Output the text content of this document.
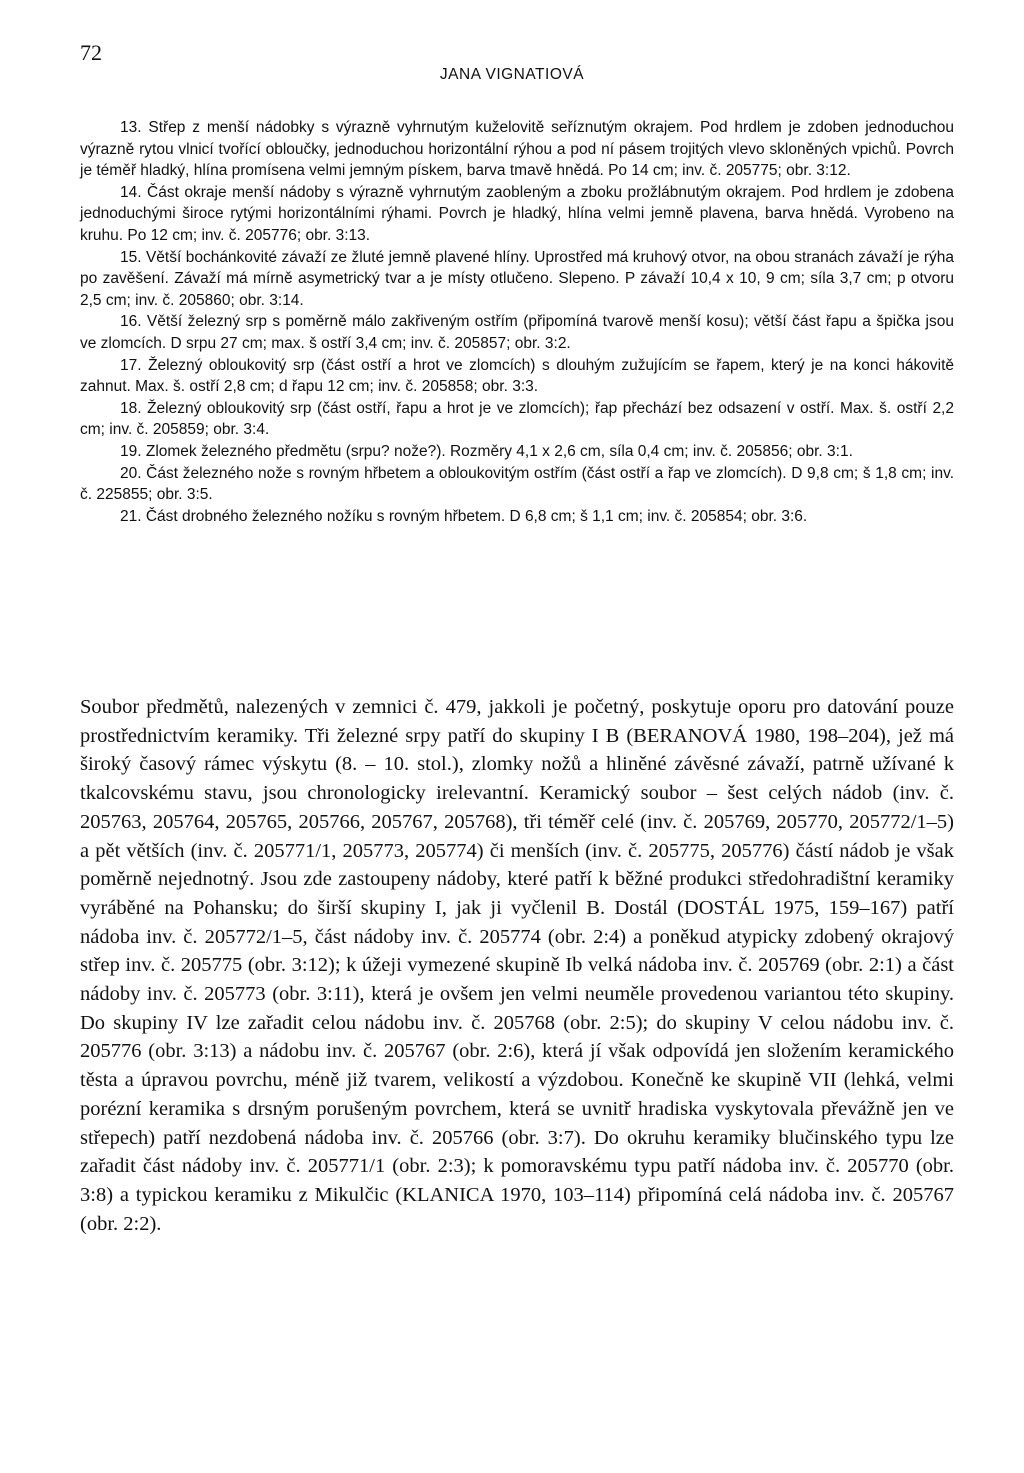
72
JANA VIGNATIOVÁ

13. Střep z menší nádobky s výrazně vyhrnutým kuželovitě seříznutým okrajem. Pod hrdlem je zdoben jednoduchou výrazně rytou vlnicí tvořící obloučky, jednoduchou horizontální rýhou a pod ní pásem trojitých vlevo skloněných vpichů. Povrch je téměř hladký, hlína promísena velmi jemným pískem, barva tmavě hnědá. Po 14 cm; inv. č. 205775; obr. 3:12.

14. Část okraje menší nádoby s výrazně vyhrnutým zaobleným a zboku prožlábnutým okrajem. Pod hrdlem je zdobena jednoduchými široce rytými horizontálními rýhami. Povrch je hladký, hlína velmi jemně plavena, barva hnědá. Vyrobeno na kruhu. Po 12 cm; inv. č. 205776; obr. 3:13.

15. Větší bochánkovité závaží ze žluté jemně plavené hlíny. Uprostřed má kruhový otvor, na obou stranách závaží je rýha po zavěšení. Závaží má mírně asymetrický tvar a je místy otlučeno. Slepeno. P závaží 10,4 x 10, 9 cm; síla 3,7 cm; p otvoru 2,5 cm; inv. č. 205860; obr. 3:14.

16. Větší železný srp s poměrně málo zakřiveným ostřím (připomíná tvarově menší kosu); větší část řapu a špička jsou ve zlomcích. D srpu 27 cm; max. š ostří 3,4 cm; inv. č. 205857; obr. 3:2.

17. Železný obloukovitý srp (část ostří a hrot ve zlomcích) s dlouhým zužujícím se řapem, který je na konci hákovitě zahnut. Max. š. ostří 2,8 cm; d řapu 12 cm; inv. č. 205858; obr. 3:3.

18. Železný obloukovitý srp (část ostří, řapu a hrot je ve zlomcích); řap přechází bez odsazení v ostří. Max. š. ostří 2,2 cm; inv. č. 205859; obr. 3:4.

19. Zlomek železného předmětu (srpu? nože?). Rozměry 4,1 x 2,6 cm, síla 0,4 cm; inv. č. 205856; obr. 3:1.

20. Část železného nože s rovným hřbetem a obloukovitým ostřím (část ostří a řap ve zlomcích). D 9,8 cm; š 1,8 cm; inv. č. 225855; obr. 3:5.

21. Část drobného železného nožíku s rovným hřbetem. D 6,8 cm; š 1,1 cm; inv. č. 205854; obr. 3:6.

Soubor předmětů, nalezených v zemnici č. 479, jakkoli je početný, poskytuje oporu pro datování pouze prostřednictvím keramiky. Tři železné srpy patří do skupiny I B (BERANOVÁ 1980, 198–204), jež má široký časový rámec výskytu (8. – 10. stol.), zlomky nožů a hliněné závěsné závaží, patrně užívané k tkalcovskému stavu, jsou chronologicky irelevantní. Keramický soubor – šest celých nádob (inv. č. 205763, 205764, 205765, 205766, 205767, 205768), tři téměř celé (inv. č. 205769, 205770, 205772/1–5) a pět větších (inv. č. 205771/1, 205773, 205774) či menších (inv. č. 205775, 205776) částí nádob je však poměrně nejednotný. Jsou zde zastoupeny nádoby, které patří k běžné produkci středohradištní keramiky vyráběné na Pohansku; do širší skupiny I, jak ji vyčlenil B. Dostál (DOSTÁL 1975, 159–167) patří nádoba inv. č. 205772/1–5, část nádoby inv. č. 205774 (obr. 2:4) a poněkud atypicky zdobený okrajový střep inv. č. 205775 (obr. 3:12); k úžeji vymezené skupině Ib velká nádoba inv. č. 205769 (obr. 2:1) a část nádoby inv. č. 205773 (obr. 3:11), která je ovšem jen velmi neuměle provedenou variantou této skupiny. Do skupiny IV lze zařadit celou nádobu inv. č. 205768 (obr. 2:5); do skupiny V celou nádobu inv. č. 205776 (obr. 3:13) a nádobu inv. č. 205767 (obr. 2:6), která jí však odpovídá jen složením keramického těsta a úpravou povrchu, méně již tvarem, velikostí a výzdobou. Konečně ke skupině VII (lehká, velmi porézní keramika s drsným porušeným povrchem, která se uvnitř hradiska vyskytovala převážně jen ve střepech) patří nezdobená nádoba inv. č. 205766 (obr. 3:7). Do okruhu keramiky blučinského typu lze zařadit část nádoby inv. č. 205771/1 (obr. 2:3); k pomoravskému typu patří nádoba inv. č. 205770 (obr. 3:8) a typickou keramiku z Mikulčic (KLANICA 1970, 103–114) připomíná celá nádoba inv. č. 205767 (obr. 2:2).
